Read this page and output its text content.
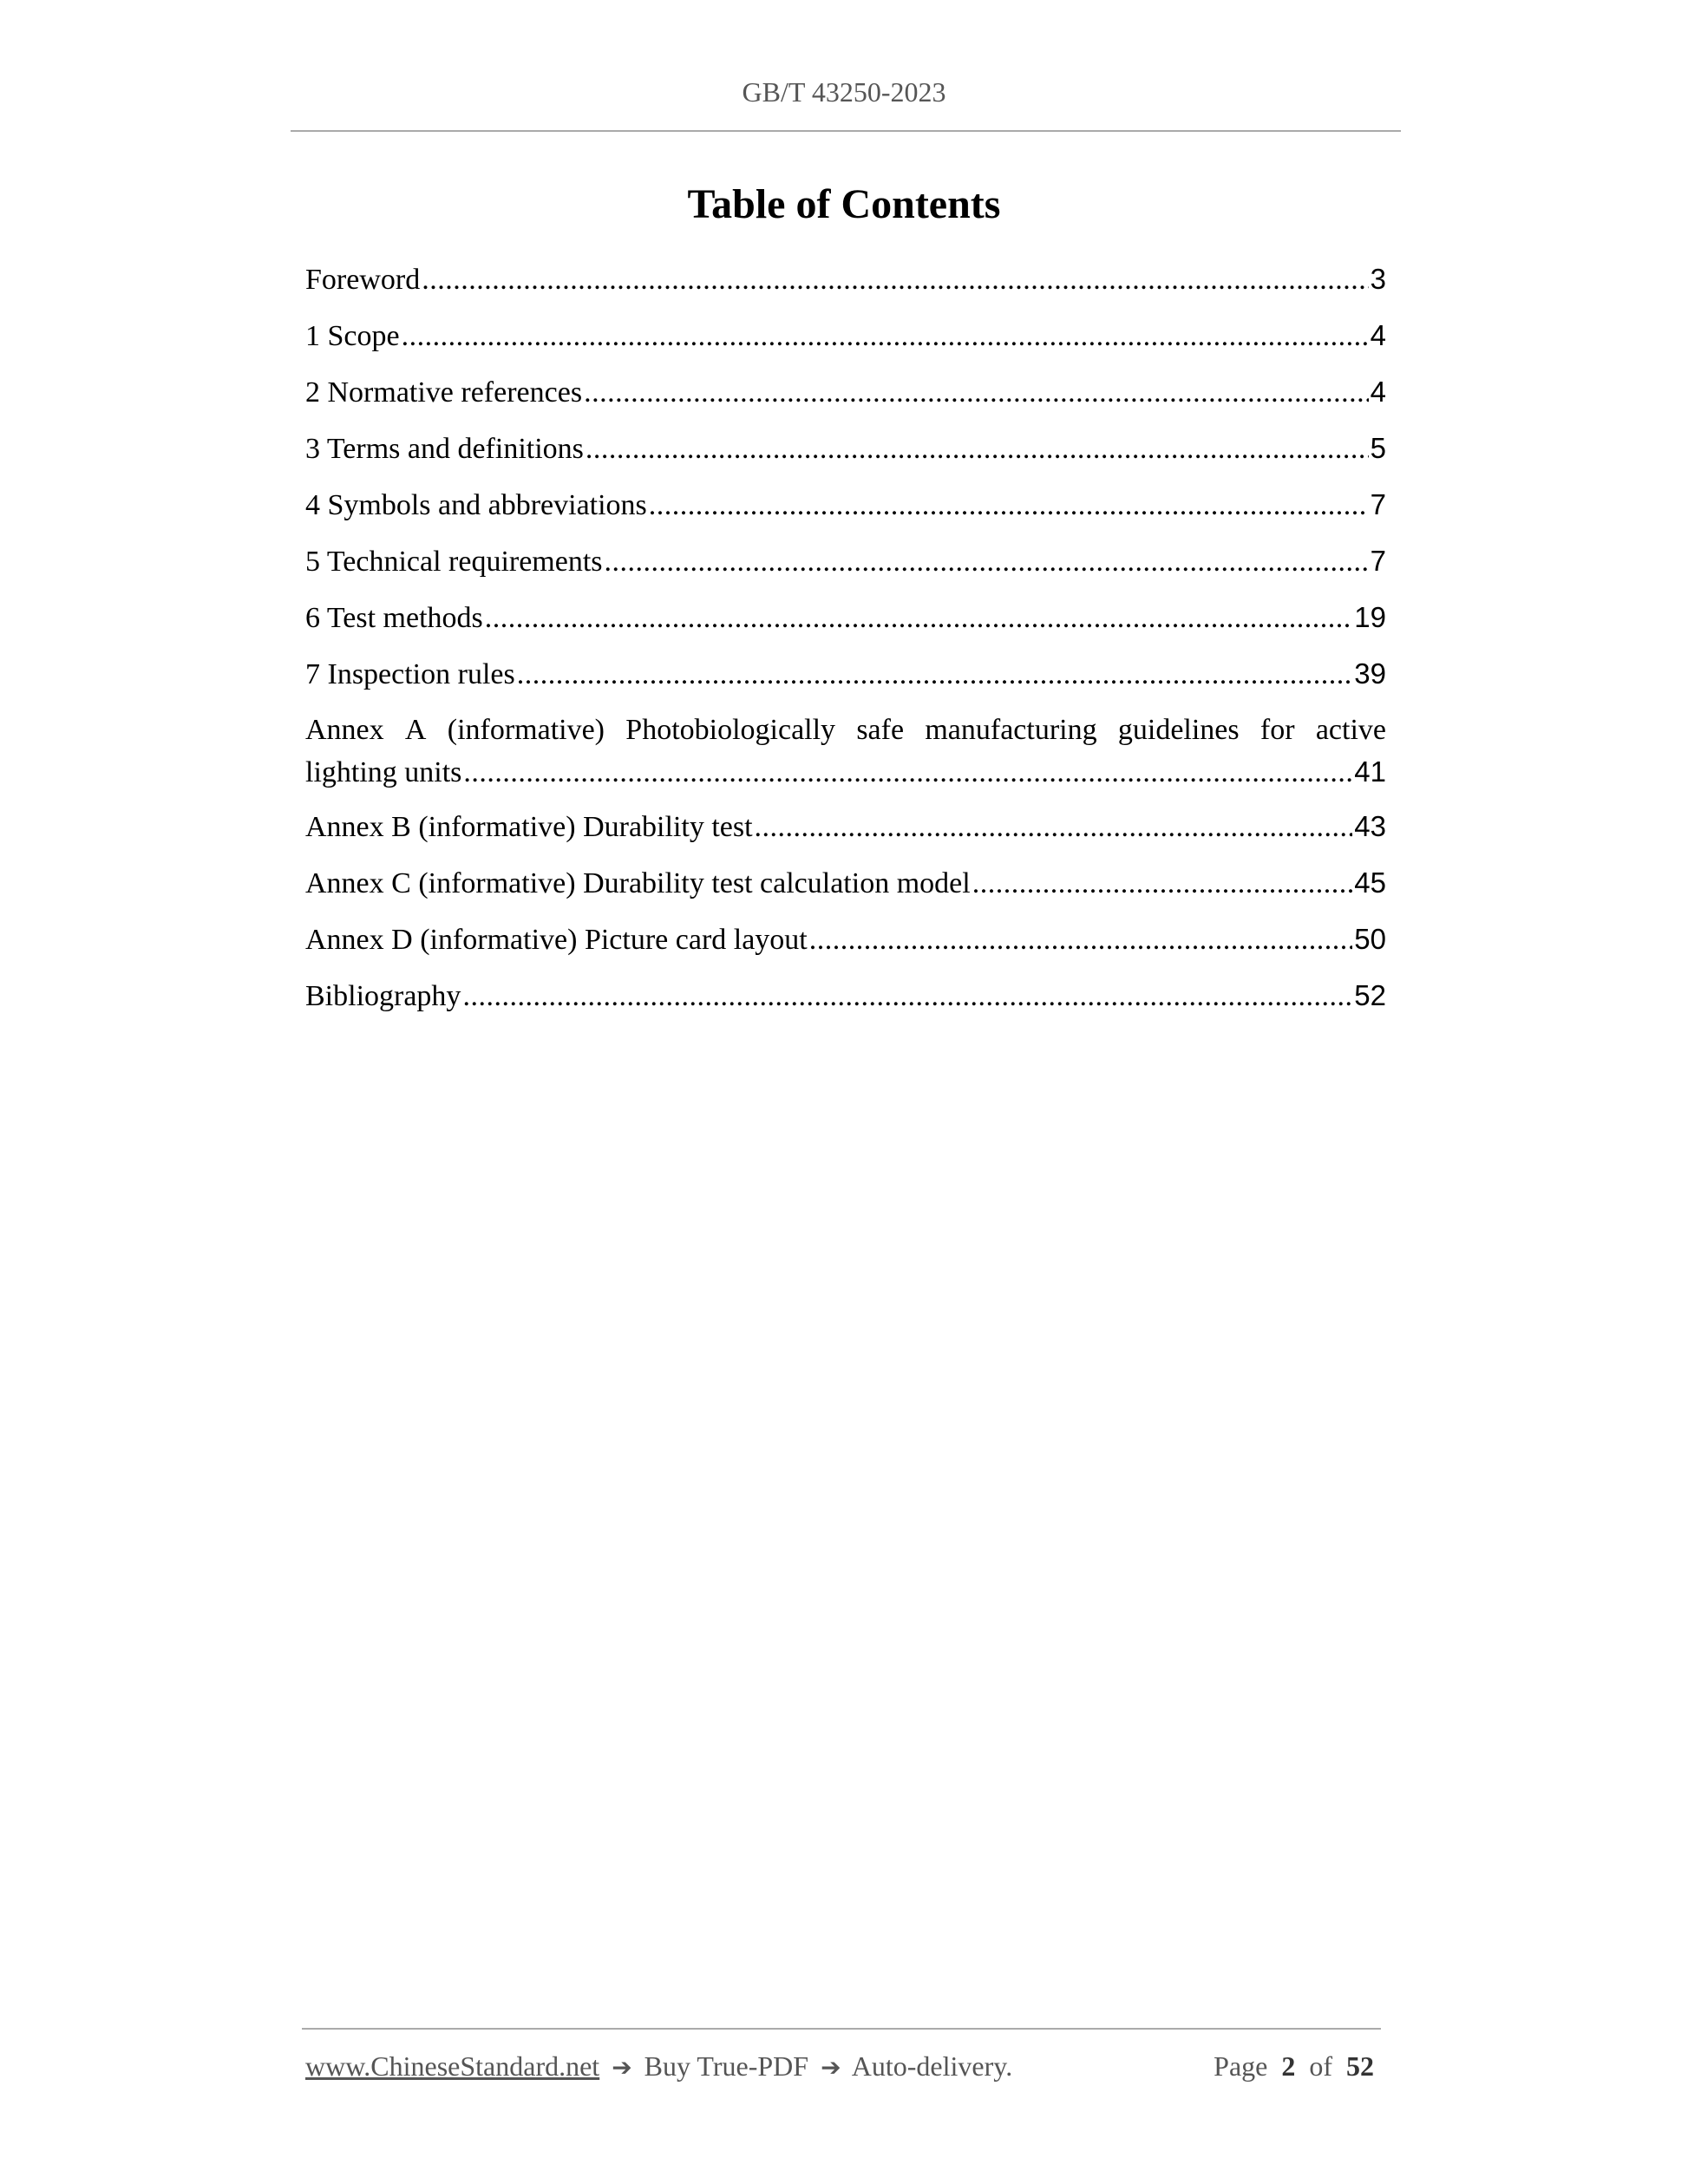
GB/T 43250-2023
Table of Contents
Foreword .....	3
1 Scope .....	4
2 Normative references .....	4
3 Terms and definitions .....	5
4 Symbols and abbreviations .....	7
5 Technical requirements .....	7
6 Test methods .....	19
7 Inspection rules .....	39
Annex A (informative) Photobiologically safe manufacturing guidelines for active
lighting units .....	41
Annex B (informative) Durability test .....	43
Annex C (informative) Durability test calculation model .....	45
Annex D (informative) Picture card layout .....	50
Bibliography .....	52
www.ChineseStandard.net ➔ Buy True-PDF ➔ Auto-delivery.	Page 2 of 52
